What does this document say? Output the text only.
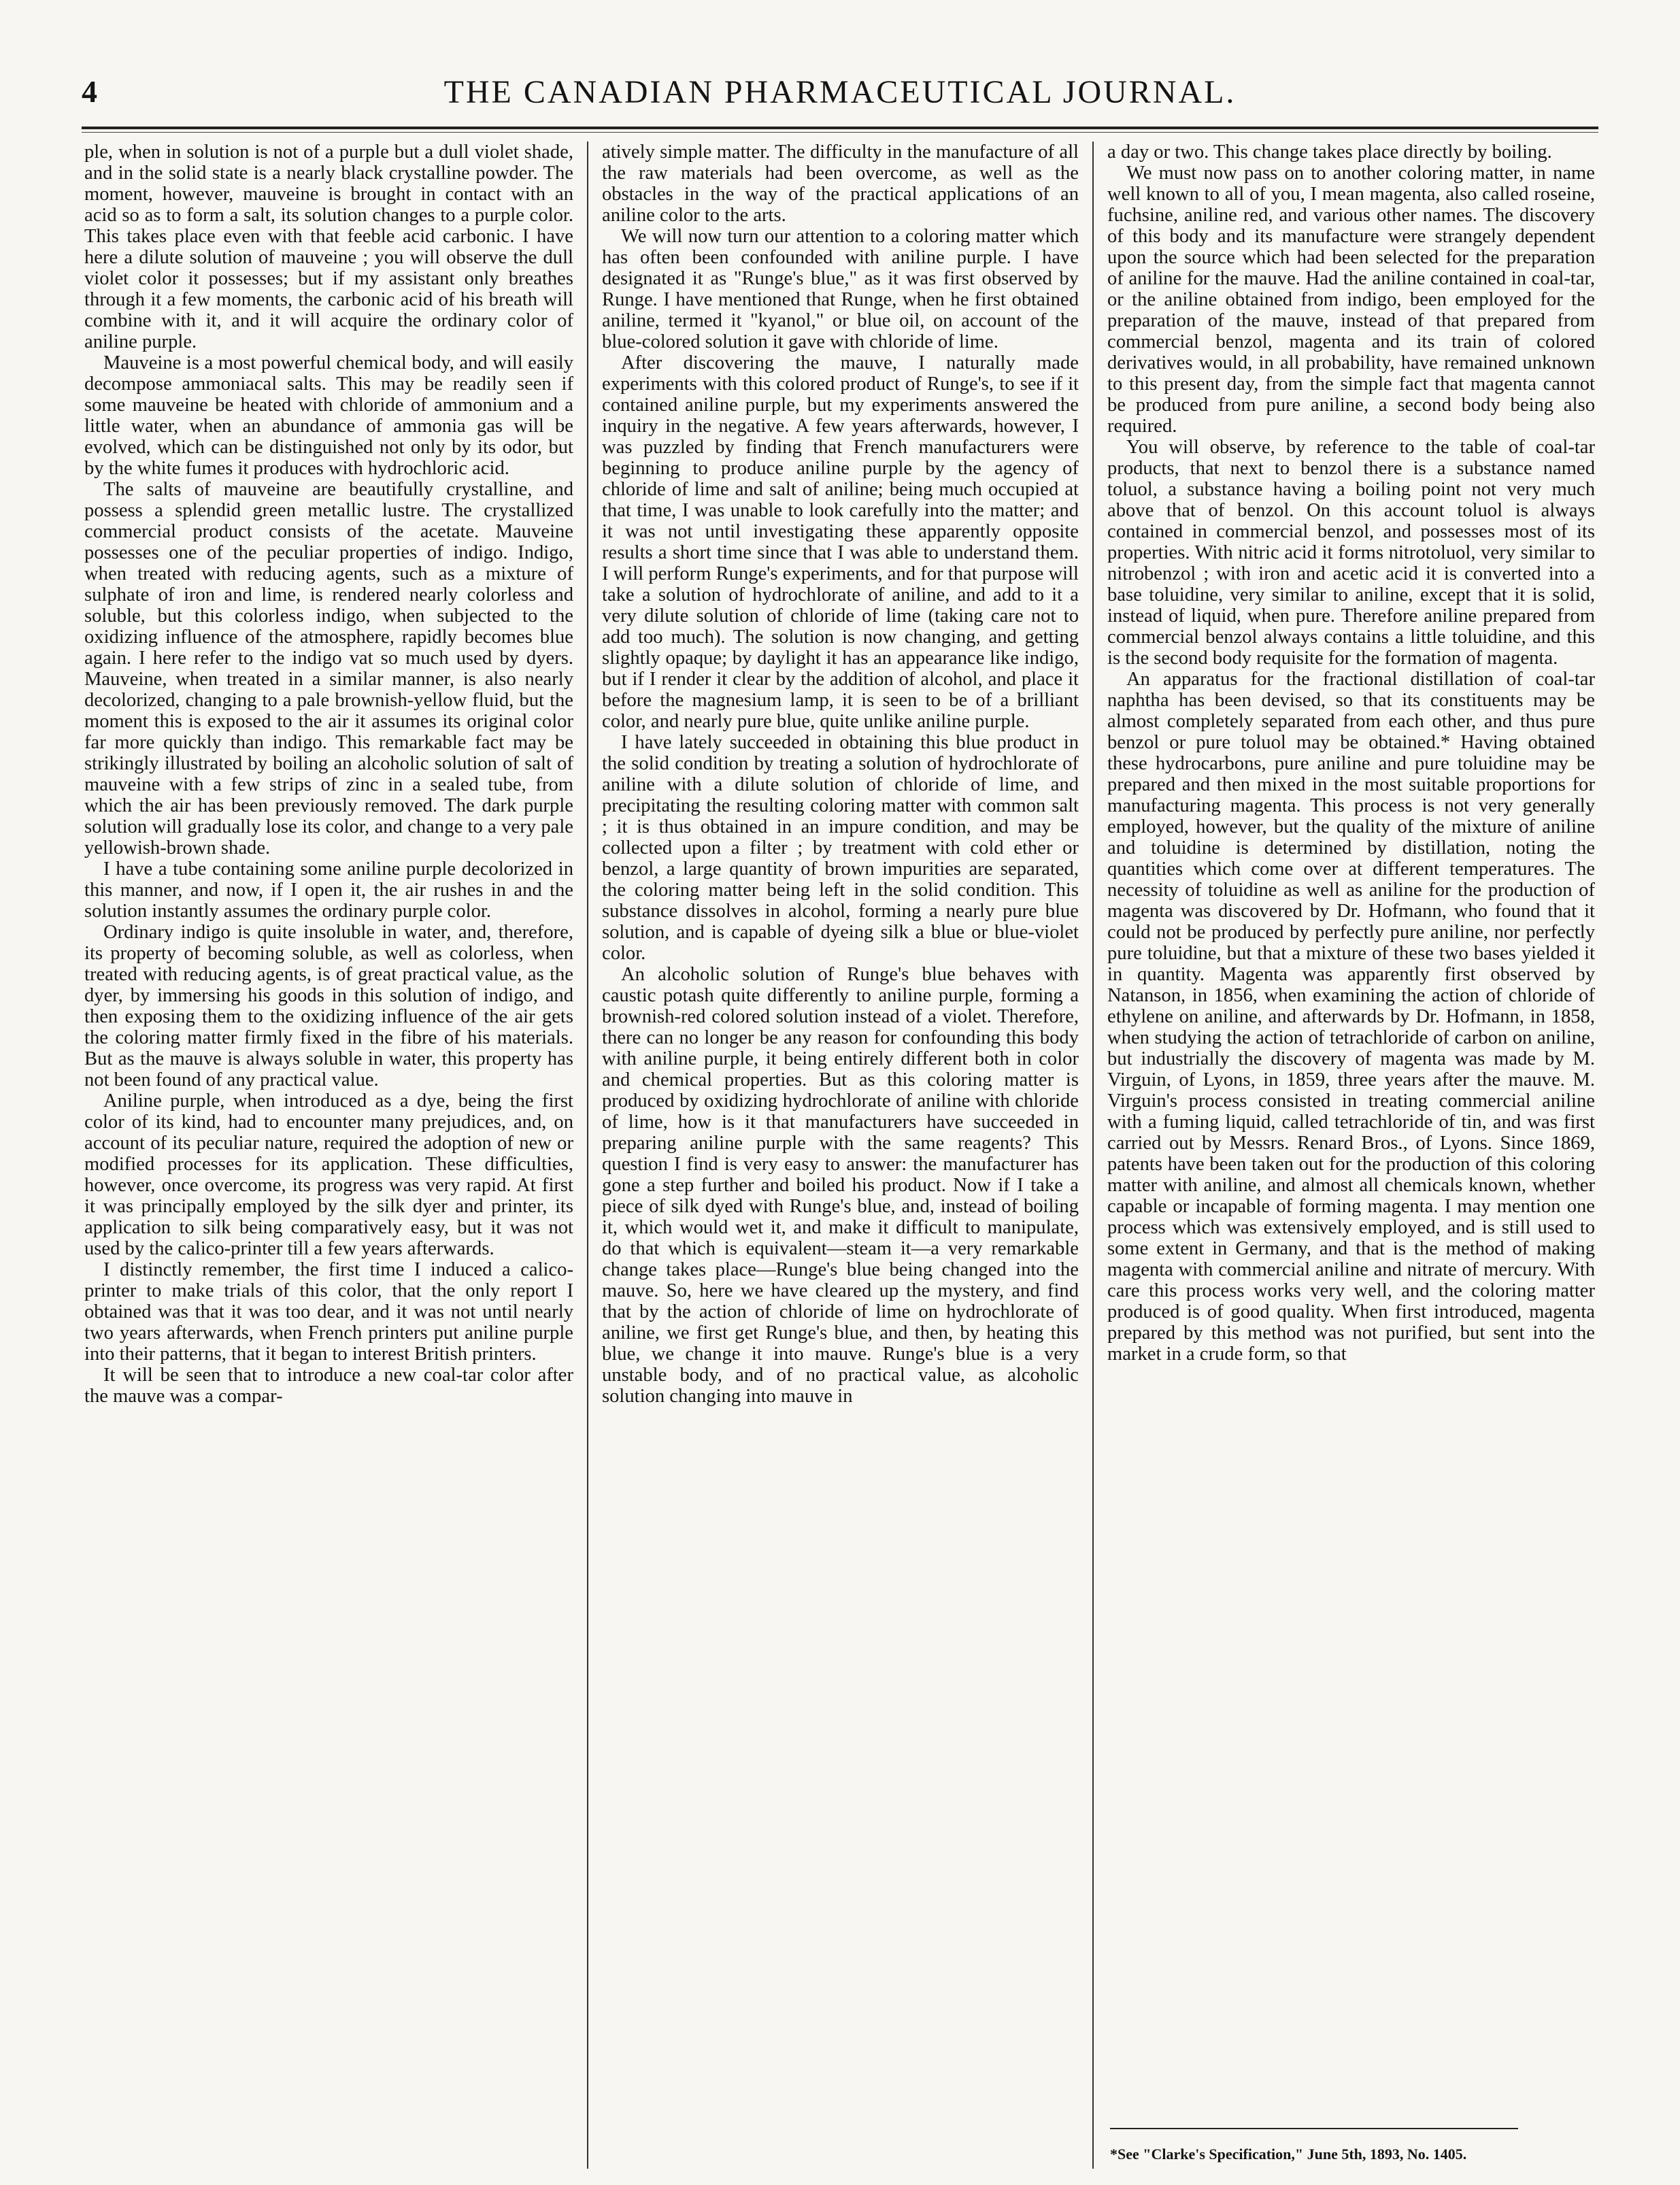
4	THE CANADIAN PHARMACEUTICAL JOURNAL.

ple, when in solution is not of a purple but a dull violet shade, and in the solid state is a nearly black crystalline powder. The moment, however, mauveine is brought in contact with an acid so as to form a salt, its solution changes to a purple color. This takes place even with that feeble acid carbonic. I have here a dilute solution of mauveine ; you will observe the dull violet color it possesses; but if my assistant only breathes through it a few moments, the carbonic acid of his breath will combine with it, and it will acquire the ordinary color of aniline purple.

Mauveine is a most powerful chemical body, and will easily decompose ammoniacal salts. This may be readily seen if some mauveine be heated with chloride of ammonium and a little water, when an abundance of ammonia gas will be evolved, which can be distinguished not only by its odor, but by the white fumes it produces with hydrochloric acid.

The salts of mauveine are beautifully crystalline, and possess a splendid green metallic lustre. The crystallized commercial product consists of the acetate. Mauveine possesses one of the peculiar properties of indigo. Indigo, when treated with reducing agents, such as a mixture of sulphate of iron and lime, is rendered nearly colorless and soluble, but this colorless indigo, when subjected to the oxidizing influence of the atmosphere, rapidly becomes blue again. I here refer to the indigo vat so much used by dyers. Mauveine, when treated in a similar manner, is also nearly decolorized, changing to a pale brownish-yellow fluid, but the moment this is exposed to the air it assumes its original color far more quickly than indigo. This remarkable fact may be strikingly illustrated by boiling an alcoholic solution of salt of mauveine with a few strips of zinc in a sealed tube, from which the air has been previously removed. The dark purple solution will gradually lose its color, and change to a very pale yellowish-brown shade.

I have a tube containing some aniline purple decolorized in this manner, and now, if I open it, the air rushes in and the solution instantly assumes the ordinary purple color.

Ordinary indigo is quite insoluble in water, and, therefore, its property of becoming soluble, as well as colorless, when treated with reducing agents, is of great practical value, as the dyer, by immersing his goods in this solution of indigo, and then exposing them to the oxidizing influence of the air gets the coloring matter firmly fixed in the fibre of his materials. But as the mauve is always soluble in water, this property has not been found of any practical value.

Aniline purple, when introduced as a dye, being the first color of its kind, had to encounter many prejudices, and, on account of its peculiar nature, required the adoption of new or modified processes for its application. These difficulties, however, once overcome, its progress was very rapid. At first it was principally employed by the silk dyer and printer, its application to silk being comparatively easy, but it was not used by the calico-printer till a few years afterwards.

I distinctly remember, the first time I induced a calico-printer to make trials of this color, that the only report I obtained was that it was too dear, and it was not until nearly two years afterwards, when French printers put aniline purple into their patterns, that it began to interest British printers.

It will be seen that to introduce a new coal-tar color after the mauve was a compar-

atively simple matter. The difficulty in the manufacture of all the raw materials had been overcome, as well as the obstacles in the way of the practical applications of an aniline color to the arts.

We will now turn our attention to a coloring matter which has often been confounded with aniline purple. I have designated it as "Runge's blue," as it was first observed by Runge. I have mentioned that Runge, when he first obtained aniline, termed it "kyanol," or blue oil, on account of the blue-colored solution it gave with chloride of lime.

After discovering the mauve, I naturally made experiments with this colored product of Runge's, to see if it contained aniline purple, but my experiments answered the inquiry in the negative. A few years afterwards, however, I was puzzled by finding that French manufacturers were beginning to produce aniline purple by the agency of chloride of lime and salt of aniline; being much occupied at that time, I was unable to look carefully into the matter; and it was not until investigating these apparently opposite results a short time since that I was able to understand them. I will perform Runge's experiments, and for that purpose will take a solution of hydrochlorate of aniline, and add to it a very dilute solution of chloride of lime (taking care not to add too much). The solution is now changing, and getting slightly opaque; by daylight it has an appearance like indigo, but if I render it clear by the addition of alcohol, and place it before the magnesium lamp, it is seen to be of a brilliant color, and nearly pure blue, quite unlike aniline purple.

I have lately succeeded in obtaining this blue product in the solid condition by treating a solution of hydrochlorate of aniline with a dilute solution of chloride of lime, and precipitating the resulting coloring matter with common salt ; it is thus obtained in an impure condition, and may be collected upon a filter ; by treatment with cold ether or benzol, a large quantity of brown impurities are separated, the coloring matter being left in the solid condition. This substance dissolves in alcohol, forming a nearly pure blue solution, and is capable of dyeing silk a blue or blue-violet color.

An alcoholic solution of Runge's blue behaves with caustic potash quite differently to aniline purple, forming a brownish-red colored solution instead of a violet. Therefore, there can no longer be any reason for confounding this body with aniline purple, it being entirely different both in color and chemical properties. But as this coloring matter is produced by oxidizing hydrochlorate of aniline with chloride of lime, how is it that manufacturers have succeeded in preparing aniline purple with the same reagents? This question I find is very easy to answer: the manufacturer has gone a step further and boiled his product. Now if I take a piece of silk dyed with Runge's blue, and, instead of boiling it, which would wet it, and make it difficult to manipulate, do that which is equivalent—steam it—a very remarkable change takes place—Runge's blue being changed into the mauve. So, here we have cleared up the mystery, and find that by the action of chloride of lime on hydrochlorate of aniline, we first get Runge's blue, and then, by heating this blue, we change it into mauve. Runge's blue is a very unstable body, and of no practical value, as alcoholic solution changing into mauve in

a day or two. This change takes place directly by boiling.

We must now pass on to another coloring matter, in name well known to all of you, I mean magenta, also called roseine, fuchsine, aniline red, and various other names. The discovery of this body and its manufacture were strangely dependent upon the source which had been selected for the preparation of aniline for the mauve. Had the aniline contained in coal-tar, or the aniline obtained from indigo, been employed for the preparation of the mauve, instead of that prepared from commercial benzol, magenta and its train of colored derivatives would, in all probability, have remained unknown to this present day, from the simple fact that magenta cannot be produced from pure aniline, a second body being also required.

You will observe, by reference to the table of coal-tar products, that next to benzol there is a substance named toluol, a substance having a boiling point not very much above that of benzol. On this account toluol is always contained in commercial benzol, and possesses most of its properties. With nitric acid it forms nitrotoluol, very similar to nitrobenzol ; with iron and acetic acid it is converted into a base toluidine, very similar to aniline, except that it is solid, instead of liquid, when pure. Therefore aniline prepared from commercial benzol always contains a little toluidine, and this is the second body requisite for the formation of magenta.

An apparatus for the fractional distillation of coal-tar naphtha has been devised, so that its constituents may be almost completely separated from each other, and thus pure benzol or pure toluol may be obtained.* Having obtained these hydrocarbons, pure aniline and pure toluidine may be prepared and then mixed in the most suitable proportions for manufacturing magenta. This process is not very generally employed, however, but the quality of the mixture of aniline and toluidine is determined by distillation, noting the quantities which come over at different temperatures. The necessity of toluidine as well as aniline for the production of magenta was discovered by Dr. Hofmann, who found that it could not be produced by perfectly pure aniline, nor perfectly pure toluidine, but that a mixture of these two bases yielded it in quantity. Magenta was apparently first observed by Natanson, in 1856, when examining the action of chloride of ethylene on aniline, and afterwards by Dr. Hofmann, in 1858, when studying the action of tetrachloride of carbon on aniline, but industrially the discovery of magenta was made by M. Virguin, of Lyons, in 1859, three years after the mauve. M. Virguin's process consisted in treating commercial aniline with a fuming liquid, called tetrachloride of tin, and was first carried out by Messrs. Renard Bros., of Lyons. Since 1869, patents have been taken out for the production of this coloring matter with aniline, and almost all chemicals known, whether capable or incapable of forming magenta. I may mention one process which was extensively employed, and is still used to some extent in Germany, and that is the method of making magenta with commercial aniline and nitrate of mercury. With care this process works very well, and the coloring matter produced is of good quality. When first introduced, magenta prepared by this method was not purified, but sent into the market in a crude form, so that

*See "Clarke's Specification," June 5th, 1893, No. 1405.
